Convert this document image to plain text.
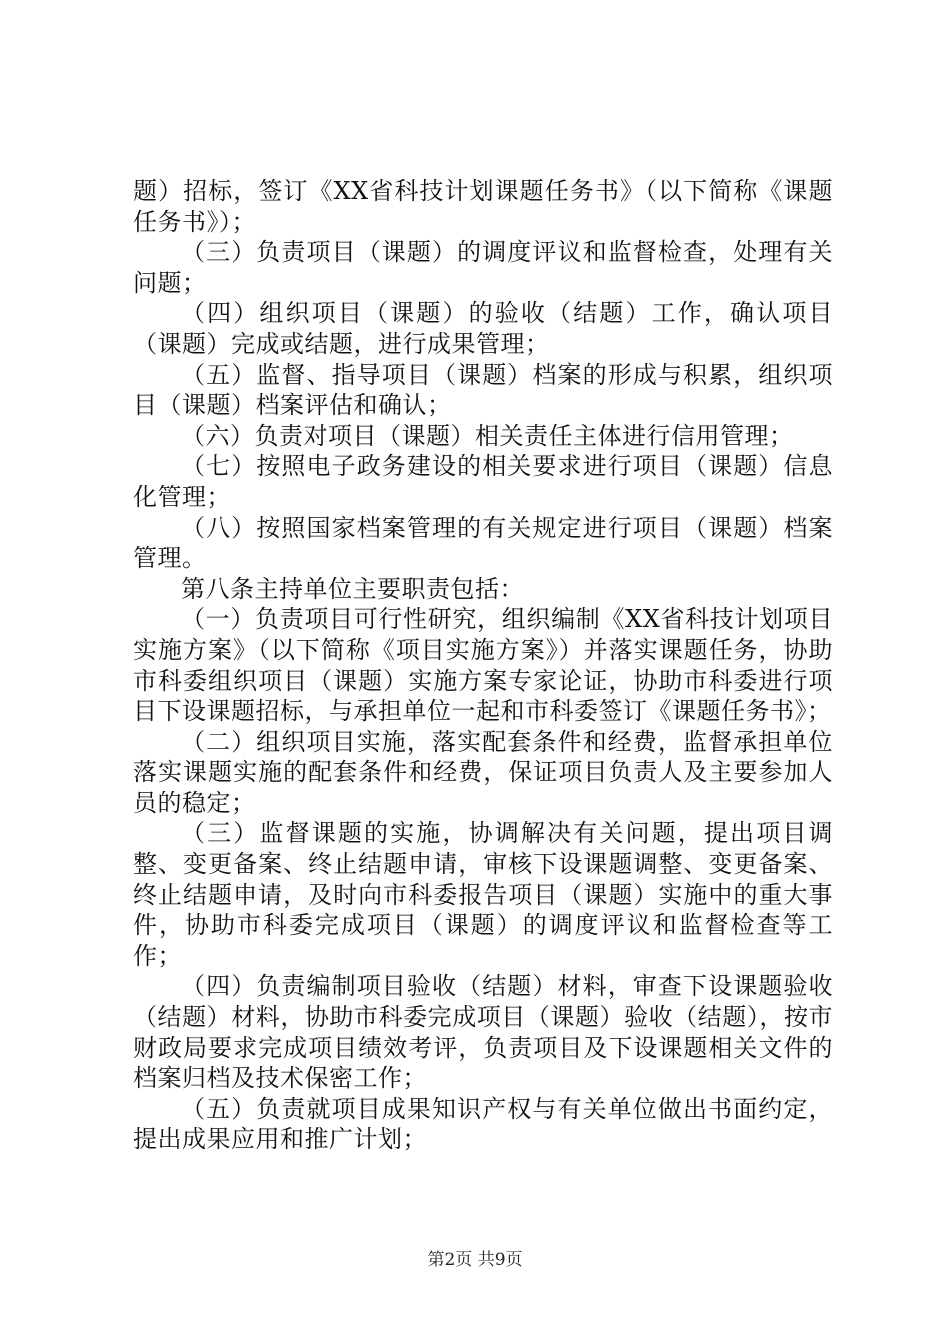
题）招标，签订《XX省科技计划课题任务书》（以下简称《课题任务书》）；

（三）负责项目（课题）的调度评议和监督检查，处理有关问题；

（四）组织项目（课题）的验收（结题）工作，确认项目（课题）完成或结题，进行成果管理；

（五）监督、指导项目（课题）档案的形成与积累，组织项目（课题）档案评估和确认；

（六）负责对项目（课题）相关责任主体进行信用管理；

（七）按照电子政务建设的相关要求进行项目（课题）信息化管理；

（八）按照国家档案管理的有关规定进行项目（课题）档案管理。

第八条主持单位主要职责包括：

（一）负责项目可行性研究，组织编制《XX省科技计划项目实施方案》（以下简称《项目实施方案》）并落实课题任务，协助市科委组织项目（课题）实施方案专家论证，协助市科委进行项目下设课题招标，与承担单位一起和市科委签订《课题任务书》；

（二）组织项目实施，落实配套条件和经费，监督承担单位落实课题实施的配套条件和经费，保证项目负责人及主要参加人员的稳定；

（三）监督课题的实施，协调解决有关问题，提出项目调整、变更备案、终止结题申请，审核下设课题调整、变更备案、终止结题申请，及时向市科委报告项目（课题）实施中的重大事件，协助市科委完成项目（课题）的调度评议和监督检查等工作；

（四）负责编制项目验收（结题）材料，审查下设课题验收（结题）材料，协助市科委完成项目（课题）验收（结题），按市财政局要求完成项目绩效考评，负责项目及下设课题相关文件的档案归档及技术保密工作；

（五）负责就项目成果知识产权与有关单位做出书面约定，提出成果应用和推广计划；

第2页 共9页
